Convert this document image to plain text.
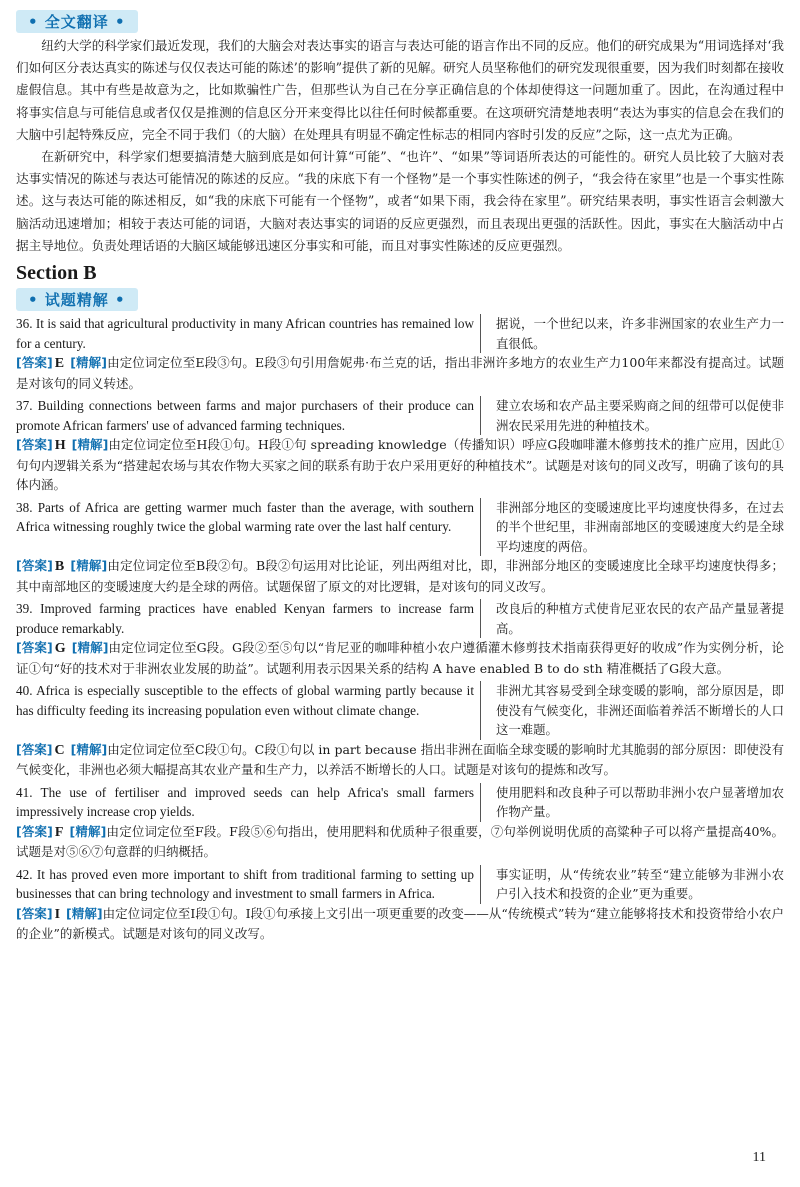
• 全文翻译 •

纽约大学的科学家们最近发现，我们的大脑会对表达事实的语言与表达可能的语言作出不同的反应。他们的研究成果为“用词选择对‘我们如何区分表达真实的陈述与仅仅表达可能的陈述’的影响”提供了新的见解。研究人员坚称他们的研究发现很重要，因为我们时刻都在接收虚假信息。其中有些是故意为之，比如欺骗性广告，但那些认为自己在分享正确信息的个体却使得这一问题加重了。因此，在沟通过程中将事实信息与可能信息或者仅仅是推测的信息区分开来变得比以往任何时候都重要。在这项研究清楚地表明“表达为事实的信息会在我们的大脑中引起特殊反应，完全不同于我们（的大脑）在处理具有明显不确定性标志的相同内容时引发的反应”之际，这一点尤为正确。

在新研究中，科学家们想要搞清楚大脑到底是如何计算“可能”、“也许”、“如果”等词语所表达的可能性的。研究人员比较了大脑对表达事实情况的陈述与表达可能情况的陈述的反应。“我的床底下有一个怪物”是一个事实性陈述的例子，“我会待在家里”也是一个事实性陈述。这与表达可能的陈述相反，如“我的床底下可能有一个怪物”，或者“如果下雨，我会待在家里”。研究结果表明，事实性语言会刺激大脑活动迅速增加；相较于表达可能的词语，大脑对表达事实的词语的反应更强烈，而且表现出更强的活跃性。因此，事实在大脑活动中占据主导地位。负责处理话语的大脑区域能够迅速区分事实和可能，而且对事实性陈述的反应更强烈。

Section B
• 试题精解 •
36. It is said that agricultural productivity in many African countries has remained low for a century.
据说，一个世纪以来，许多非洲国家的农业生产力一直很低。

[答案] E [精解]由定位词定位至E段③句。E段③句引用詹妮弗·布兰克的话，指出非洲许多地方的农业生产力100年来都没有提高过。试题是对该句的同义转述。

37. Building connections between farms and major purchasers of their produce can promote African farmers' use of advanced farming techniques.
建立农场和农产品主要采购商之间的纽带可以促使非洲农民采用先进的种植技术。

[答案] H [精解]由定位词定位至H段①句。H段①句 spreading knowledge（传播知识）呼应G段咖啡灌木修剪技术的推广应用，因此①句句内逻辑关系为“搭建起农场与其农作物大买家之间的联系有助于农户采用更好的种植技术”。试题是对该句的同义改写，明确了该句的具体内涵。

38. Parts of Africa are getting warmer much faster than the average, with southern Africa witnessing roughly twice the global warming rate over the last half century.
非洲部分地区的变暖速度比平均速度快得多，在过去的半个世纪里，非洲南部地区的变暖速度大约是全球平均速度的两倍。

[答案] B [精解]由定位词定位至B段②句。B段②句运用对比论证，列出两组对比，即，非洲部分地区的变暖速度比全球平均速度快得多；其中南部地区的变暖速度大约是全球的两倍。试题保留了原文的对比逻辑，是对该句的同义改写。

39. Improved farming practices have enabled Kenyan farmers to increase farm produce remarkably.
改良后的种植方式使肯尼亚农民的农产品产量显著提高。

[答案] G [精解]由定位词定位至G段。G段②至⑤句以“肯尼亚的咖啡种植小农户遵循灌木修剪技术指南获得更好的收成”作为实例分析，论证①句“好的技术对于非洲农业发展的助益”。试题利用表示因果关系的结构 A have enabled B to do sth 精准概括了G段大意。

40. Africa is especially susceptible to the effects of global warming partly because it has difficulty feeding its increasing population even without climate change.
非洲尤其容易受到全球变暖的影响，部分原因是，即使没有气候变化，非洲还面临着养活不断增长的人口这一难题。

[答案] C [精解]由定位词定位至C段①句。C段①句以 in part because 指出非洲在面临全球变暖的影响时尤其脆弱的部分原因：即使没有气候变化，非洲也必须大幅提高其农业产量和生产力，以养活不断增长的人口。试题是对该句的提炼和改写。

41. The use of fertiliser and improved seeds can help Africa's small farmers impressively increase crop yields.
使用肥料和改良种子可以帮助非洲小农户显著增加农作物产量。

[答案] F [精解]由定位词定位至F段。F段⑤⑥句指出，使用肥料和优质种子很重要，⑦句举例说明优质的高粱种子可以将产量提高40%。试题是对⑤⑥⑦句意群的归纳概括。

42. It has proved even more important to shift from traditional farming to setting up businesses that can bring technology and investment to small farmers in Africa.
事实证明，从“传统农业”转至“建立能够为非洲小农户引入技术和投资的企业”更为重要。

[答案] I [精解]由定位词定位至I段①句。I段①句承接上文引出一项更重要的改变——从“传统模式”转为“建立能够将技术和投资带给小农户的企业”的新模式。试题是对该句的同义改写。

11
